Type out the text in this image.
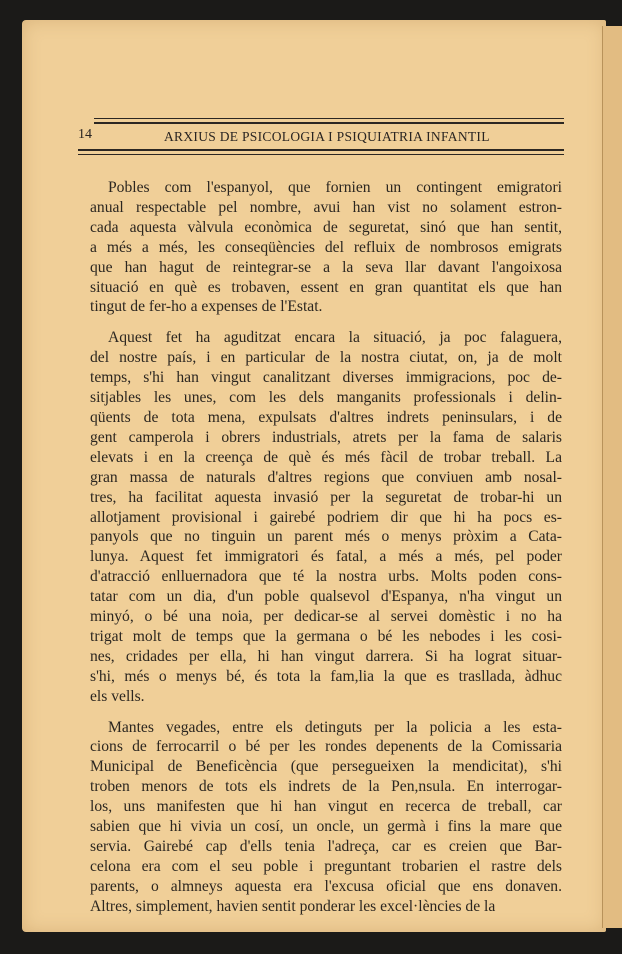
14	ARXIUS DE PSICOLOGIA I PSIQUIATRIA INFANTIL
Pobles com l'espanyol, que fornien un contingent emigratori
anual respectable pel nombre, avui han vist no solament estron-
cada aquesta vàlvula econòmica de seguretat, sinó que han sentit,
a més a més, les conseqüències del refluix de nombrosos emigrats
que han hagut de reintegrar-se a la seva llar davant l'angoixosa
situació en què es trobaven, essent en gran quantitat els que han
tingut de fer-ho a expenses de l'Estat.
Aquest fet ha aguditzat encara la situació, ja poc falaguera,
del nostre país, i en particular de la nostra ciutat, on, ja de molt
temps, s'hi han vingut canalitzant diverses immigracions, poc de-
sitjables les unes, com les dels manganits professionals i delin-
qüents de tota mena, expulsats d'altres indrets peninsulars, i de
gent camperola i obrers industrials, atrets per la fama de salaris
elevats i en la creença de què és més fàcil de trobar treball. La
gran massa de naturals d'altres regions que conviuen amb nosal-
tres, ha facilitat aquesta invasió per la seguretat de trobar-hi un
allotjament provisional i gairebé podriem dir que hi ha pocs es-
panyols que no tinguin un parent més o menys pròxim a Cata-
lunya. Aquest fet immigratori és fatal, a més a més, pel poder
d'atracció enlluernadora que té la nostra urbs. Molts poden cons-
tatar com un dia, d'un poble qualsevol d'Espanya, n'ha vingut un
minyó, o bé una noia, per dedicar-se al servei domèstic i no ha
trigat molt de temps que la germana o bé les nebodes i les cosi-
nes, cridades per ella, hi han vingut darrera. Si ha lograt situar-
s'hi, més o menys bé, és tota la fam,lia la que es trasllada, àdhuc
els vells.
Mantes vegades, entre els detinguts per la policia a les esta-
cions de ferrocarril o bé per les rondes depenents de la Comissaria
Municipal de Beneficència (que persegueixen la mendicitat), s'hi
troben menors de tots els indrets de la Pen,nsula. En interrogar-
los, uns manifesten que hi han vingut en recerca de treball, car
sabien que hi vivia un cosí, un oncle, un germà i fins la mare que
servia. Gairebé cap d'ells tenia l'adreça, car es creien que Bar-
celona era com el seu poble i preguntant trobarien el rastre dels
parents, o almneys aquesta era l'excusa oficial que ens donaven.
Altres, simplement, havien sentit ponderar les excel·lències de la
